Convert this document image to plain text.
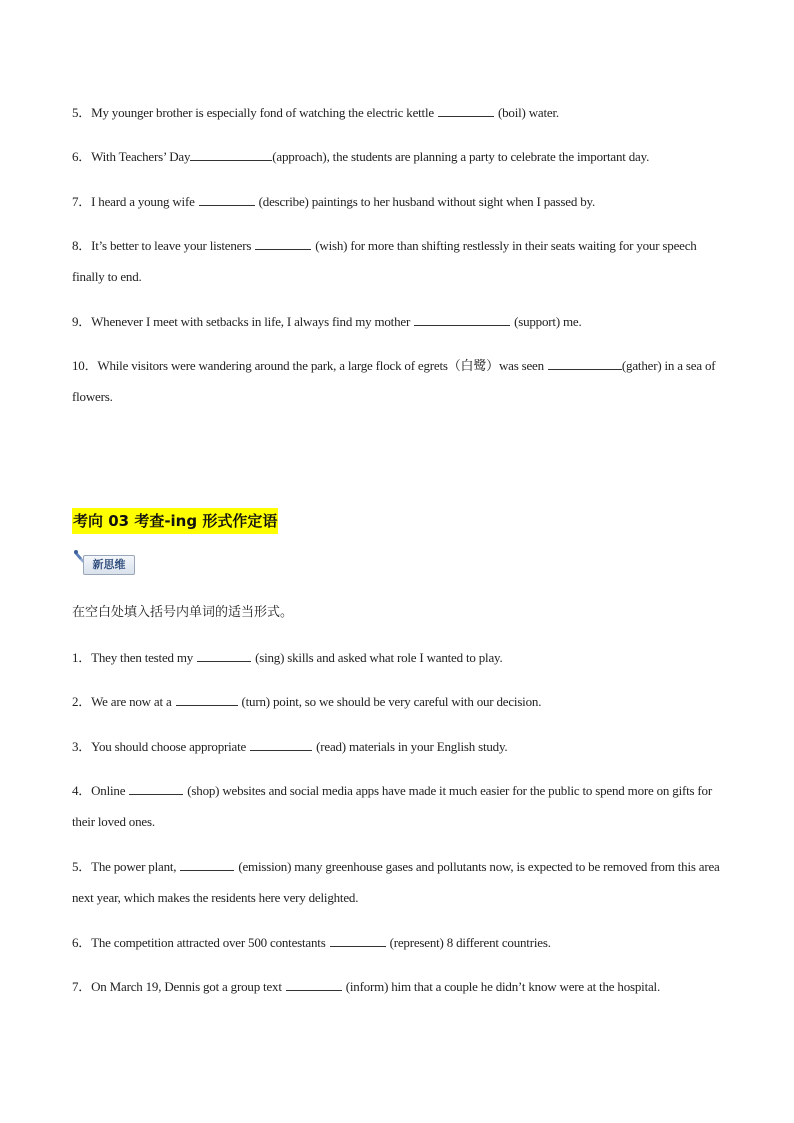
5．My younger brother is especially fond of watching the electric kettle	(boil) water.

6．With Teachers’ Day	(approach), the students are planning a party to celebrate the important day.

7．I heard a young wife	(describe) paintings to her husband without sight when I passed by.

8．It’s better to leave your listeners	(wish) for more than shifting restlessly in their seats waiting for your speech finally to end.

9．Whenever I meet with setbacks in life, I always find my mother	(support) me.

10．While visitors were wandering around the park, a large flock of egrets（白鹭）was seen	(gather) in a sea of flowers.

考向 03 考查-ing 形式作定语
新思维

在空白处填入括号内单词的适当形式。

1．They then tested my	(sing) skills and asked what role I wanted to play.

2．We are now at a	(turn) point, so we should be very careful with our decision.

3．You should choose appropriate	(read) materials in your English study.

4．Online	(shop) websites and social media apps have made it much easier for the public to spend more on gifts for their loved ones.

5．The power plant,	(emission) many greenhouse gases and pollutants now, is expected to be removed from this area next year, which makes the residents here very delighted.

6．The competition attracted over 500 contestants	(represent) 8 different countries.

7．On March 19, Dennis got a group text	(inform) him that a couple he didn’t know were at the hospital.
